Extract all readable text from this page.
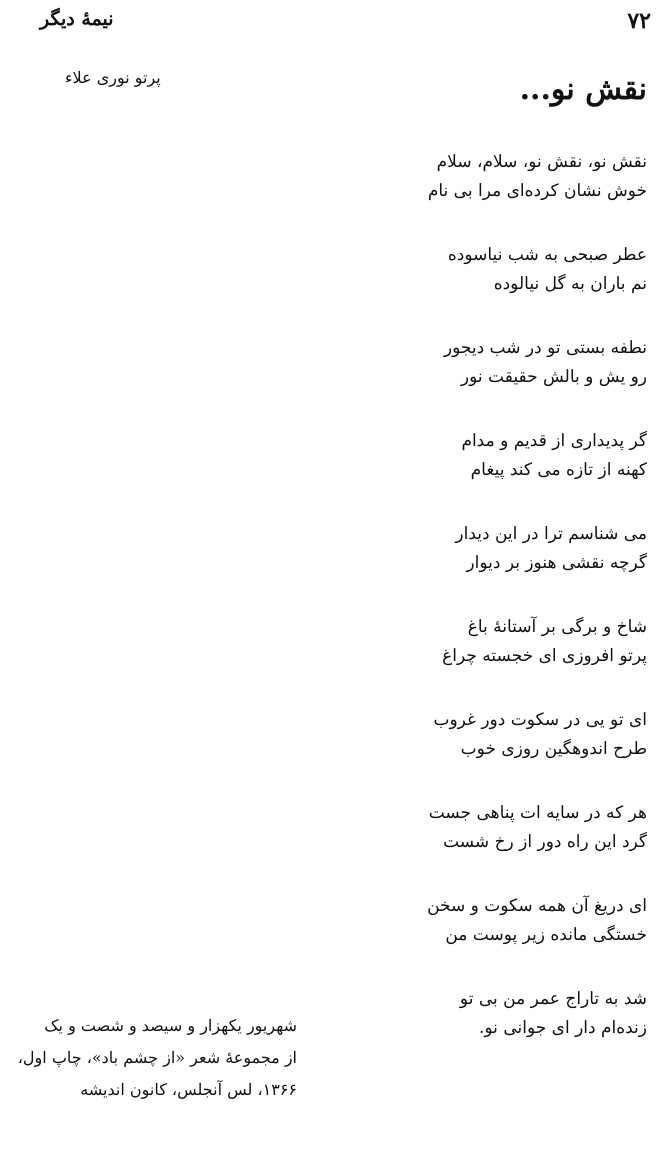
۷۲
نیمهٔ دیگر
نقش نو...
پرتو نوری علاء
نقش نو، نقش نو، سلام، سلام
خوش نشان کرده‌ای مرا بی نام
عطر صبحی به شب نیاسوده
نم باران به گل نیالوده
نطفه بستی تو در شب دیجور
رو یش و بالش حقیقت نور
گر پدیداری از قدیم و مدام
کهنه از تازه می کند پیغام
می شناسم ترا در این دیدار
گرچه نقشی هنوز بر دیوار
شاخ و برگی بر آستانهٔ باغ
پرتو افروزی ای خجسته چراغ
ای تو یی در سکوت دور غروب
طرح اندوهگین روزی خوب
هر که در سایه ات پناهی جست
گرد این راه دور از رخ شست
ای دریغ آن همه سکوت و سخن
خستگی مانده زیر پوست من
شد به تاراج عمر من بی تو
زنده‌ام دار ای جوانی نو.
شهریور یکهزار و سیصد و شصت و یک
از مجموعهٔ شعر «از چشم باد»، چاپ اول،
۱۳۶۶، لس آنجلس، کانون اندیشه
